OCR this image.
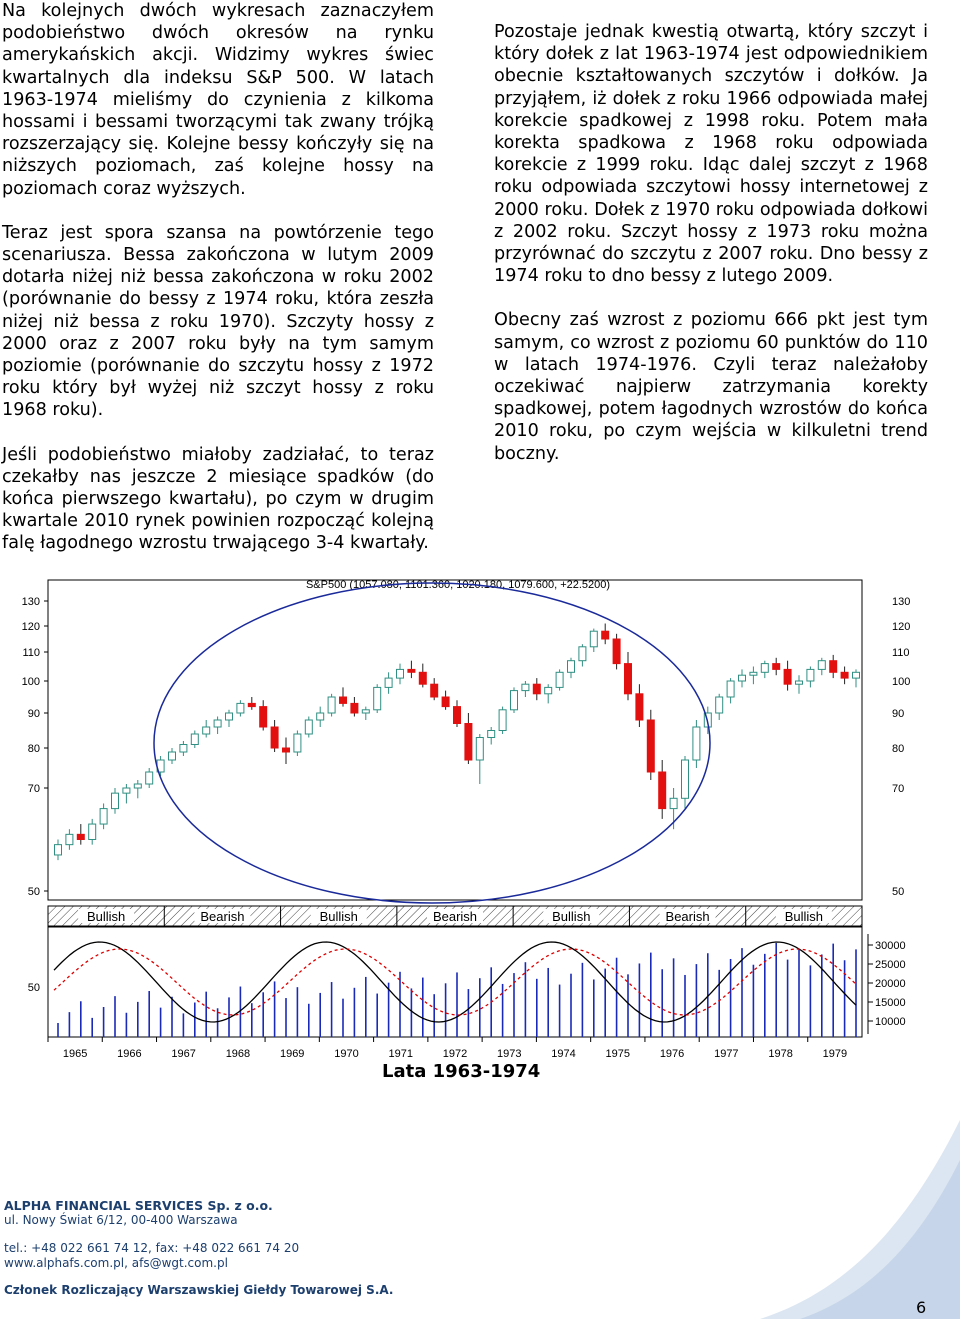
Na kolejnych dwóch wykresach zaznaczyłem podobieństwo dwóch okresów na rynku amerykańskich akcji. Widzimy wykres świec kwartalnych dla indeksu S&P 500. W latach 1963-1974 mieliśmy do czynienia z kilkoma hossami i bessami tworzącymi tak zwany trójką rozszerzający się. Kolejne bessy kończyły się na niższych poziomach, zaś kolejne hossy na poziomach coraz wyższych.

Teraz jest spora szansa na powtórzenie tego scenariusza. Bessa zakończona w lutym 2009 dotarła niżej niż bessa zakończona w roku 2002 (porównanie do bessy z 1974 roku, która zeszła niżej niż bessa z roku 1970). Szczyty hossy z 2000 oraz z 2007 roku były na tym samym poziomie (porównanie do szczytu hossy z 1972 roku który był wyżej niż szczyt hossy z roku 1968 roku).

Jeśli podobieństwo miałoby zadziałać, to teraz czekałby nas jeszcze 2 miesiące spadków (do końca pierwszego kwartału), po czym w drugim kwartale 2010 rynek powinien rozpocząć kolejną falę łagodnego wzrostu trwającego 3-4 kwartały.

Pozostaje jednak kwestią otwartą, który szczyt i który dołek z lat 1963-1974 jest odpowiednikiem obecnie kształtowanych szczytów i dołków. Ja przyjąłem, iż dołek z roku 1966 odpowiada małej korekcie spadkowej z 1998 roku. Potem mała korekta spadkowa z 1968 roku odpowiada korekcie z 1999 roku. Idąc dalej szczyt z 1968 roku odpowiada szczytowi hossy internetowej z 2000 roku. Dołek z 1970 roku odpowiada dołkowi z 2002 roku. Szczyt hossy z 1973 roku można przyrównać do szczytu z 2007 roku. Dno bessy z 1974 roku to dno bessy z lutego 2009.

Obecny zaś wzrost z poziomu 666 pkt jest tym samym, co wzrost z poziomu 60 punktów do 110 w latach 1974-1976. Czyli teraz należałoby oczekiwać najpierw zatrzymania korekty spadkowej, potem łagodnych wzrostów do końca 2010 roku, po czym wejścia w kilkuletni trend boczny.

S&P500 (1057.080, 1101.360, 1020.180, 1079.600, +22.5200)
130
120
110
100
90
80
70
50
130
120
110
100
90
80
70
50
Bullish	Bearish	Bullish	Bearish	Bullish	Bearish	Bullish
50
30000
25000
20000
15000
10000
1965	1966	1967	1968	1969	1970	1971	1972	1973	1974	1975	1976	1977	1978	1979
Lata 1963-1974
ALPHA FINANCIAL SERVICES Sp. z o.o.
ul. Nowy Świat 6/12, 00-400 Warszawa
tel.: +48 022 661 74 12, fax: +48 022 661 74 20
www.alphafs.com.pl, afs@wgt.com.pl
Członek Rozliczający Warszawskiej Giełdy Towarowej S.A.
6
